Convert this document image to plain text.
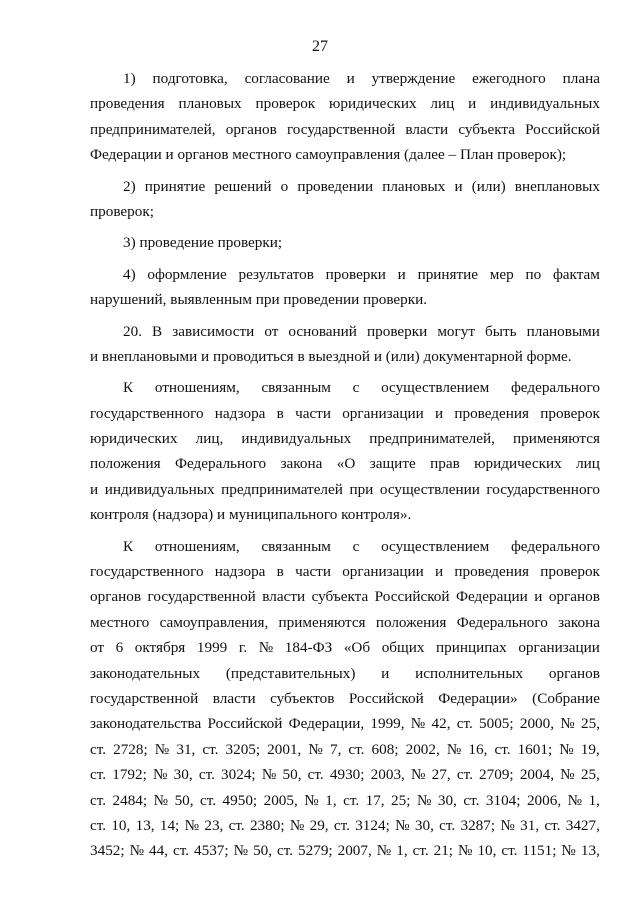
27
1) подготовка, согласование и утверждение ежегодного плана
проведения плановых проверок юридических лиц и индивидуальных
предпринимателей, органов государственной власти субъекта Российской
Федерации и органов местного самоуправления (далее – План проверок);
2) принятие решений о проведении плановых и (или) внеплановых
проверок;
3) проведение проверки;
4) оформление результатов проверки и принятие мер по фактам
нарушений, выявленным при проведении проверки.
20. В зависимости от оснований проверки могут быть плановыми
и внеплановыми и проводиться в выездной и (или) документарной форме.
К отношениям, связанным с осуществлением федерального
государственного надзора в части организации и проведения проверок
юридических лиц, индивидуальных предпринимателей, применяются
положения Федерального закона «О защите прав юридических лиц
и индивидуальных предпринимателей при осуществлении государственного
контроля (надзора) и муниципального контроля».
К отношениям, связанным с осуществлением федерального
государственного надзора в части организации и проведения проверок
органов государственной власти субъекта Российской Федерации и органов
местного самоуправления, применяются положения Федерального закона
от 6 октября 1999 г. № 184-ФЗ «Об общих принципах организации
законодательных (представительных) и исполнительных органов
государственной власти субъектов Российской Федерации» (Собрание
законодательства Российской Федерации, 1999, № 42, ст. 5005; 2000, № 25,
ст. 2728; № 31, ст. 3205; 2001, № 7, ст. 608; 2002, № 16, ст. 1601; № 19,
ст. 1792; № 30, ст. 3024; № 50, ст. 4930; 2003, № 27, ст. 2709; 2004, № 25,
ст. 2484; № 50, ст. 4950; 2005, № 1, ст. 17, 25; № 30, ст. 3104; 2006, № 1,
ст. 10, 13, 14; № 23, ст. 2380; № 29, ст. 3124; № 30, ст. 3287; № 31, ст. 3427,
3452; № 44, ст. 4537; № 50, ст. 5279; 2007, № 1, ст. 21; № 10, ст. 1151; № 13,
